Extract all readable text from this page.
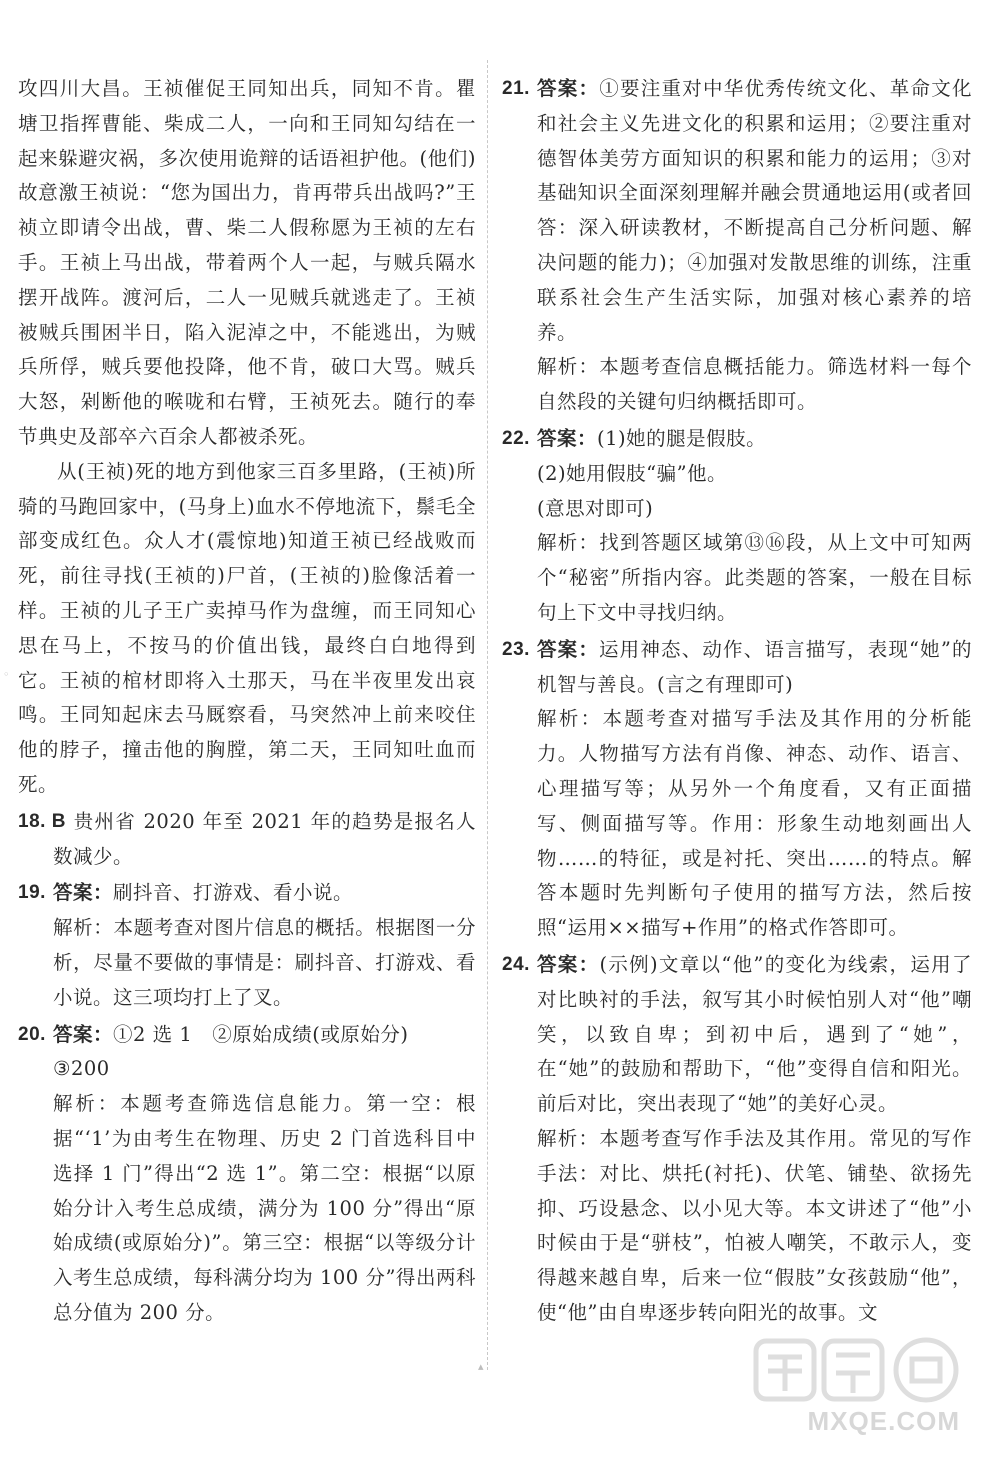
攻四川大昌。王祯催促王同知出兵，同知不肯。瞿塘卫指挥曹能、柴成二人，一向和王同知勾结在一起来躲避灾祸，多次使用诡辩的话语袒护他。(他们)故意激王祯说：“您为国出力，肯再带兵出战吗?”王祯立即请令出战，曹、柴二人假称愿为王祯的左右手。王祯上马出战，带着两个人一起，与贼兵隔水摆开战阵。渡河后，二人一见贼兵就逃走了。王祯被贼兵围困半日，陷入泥淖之中，不能逃出，为贼兵所俘，贼兵要他投降，他不肯，破口大骂。贼兵大怒，剁断他的喉咙和右臂，王祯死去。随行的奉节典史及部卒六百余人都被杀死。

从(王祯)死的地方到他家三百多里路，(王祯)所骑的马跑回家中，(马身上)血水不停地流下，鬃毛全部变成红色。众人才(震惊地)知道王祯已经战败而死，前往寻找(王祯的)尸首，(王祯的)脸像活着一样。王祯的儿子王广卖掉马作为盘缠，而王同知心思在马上，不按马的价值出钱，最终白白地得到它。王祯的棺材即将入土那天，马在半夜里发出哀鸣。王同知起床去马厩察看，马突然冲上前来咬住他的脖子，撞击他的胸膛，第二天，王同知吐血而死。

18. B 贵州省 2020 年至 2021 年的趋势是报名人数减少。
19. 答案：刷抖音、打游戏、看小说。
解析：本题考查对图片信息的概括。根据图一分析，尽量不要做的事情是：刷抖音、打游戏、看小说。这三项均打上了叉。
20. 答案：①2 选 1　②原始成绩(或原始分)
③200
解析：本题考查筛选信息能力。第一空：根据“‘1’为由考生在物理、历史 2 门首选科目中选择 1 门”得出“2 选 1”。第二空：根据“以原始分计入考生总成绩，满分为 100 分”得出“原始成绩(或原始分)”。第三空：根据“以等级分计入考生总成绩，每科满分均为 100 分”得出两科总分值为 200 分。
21. 答案：①要注重对中华优秀传统文化、革命文化和社会主义先进文化的积累和运用；②要注重对德智体美劳方面知识的积累和能力的运用；③对基础知识全面深刻理解并融会贯通地运用(或者回答：深入研读教材，不断提高自己分析问题、解决问题的能力)；④加强对发散思维的训练，注重联系社会生产生活实际，加强对核心素养的培养。
解析：本题考查信息概括能力。筛选材料一每个自然段的关键句归纳概括即可。
22. 答案：(1)她的腿是假肢。
(2)她用假肢“骗”他。
(意思对即可)
解析：找到答题区域第⑬⑯段，从上文中可知两个“秘密”所指内容。此类题的答案，一般在目标句上下文中寻找归纳。
23. 答案：运用神态、动作、语言描写，表现“她”的机智与善良。(言之有理即可)
解析：本题考查对描写手法及其作用的分析能力。人物描写方法有肖像、神态、动作、语言、心理描写等；从另外一个角度看，又有正面描写、侧面描写等。作用：形象生动地刻画出人物……的特征，或是衬托、突出……的特点。解答本题时先判断句子使用的描写方法，然后按照“运用××描写+作用”的格式作答即可。
24. 答案：(示例)文章以“他”的变化为线索，运用了对比映衬的手法，叙写其小时候怕别人对“他”嘲笑，以致自卑；到初中后，遇到了“她”，在“她”的鼓励和帮助下，“他”变得自信和阳光。前后对比，突出表现了“她”的美好心灵。
解析：本题考查写作手法及其作用。常见的写作手法：对比、烘托(衬托)、伏笔、铺垫、欲扬先抑、巧设悬念、以小见大等。本文讲述了“他”小时候由于是“骈枝”，怕被人嘲笑，不敢示人，变得越来越自卑，后来一位“假肢”女孩鼓励“他”，使“他”由自卑逐步转向阳光的故事。文
MXQE.COM
◦
▴
